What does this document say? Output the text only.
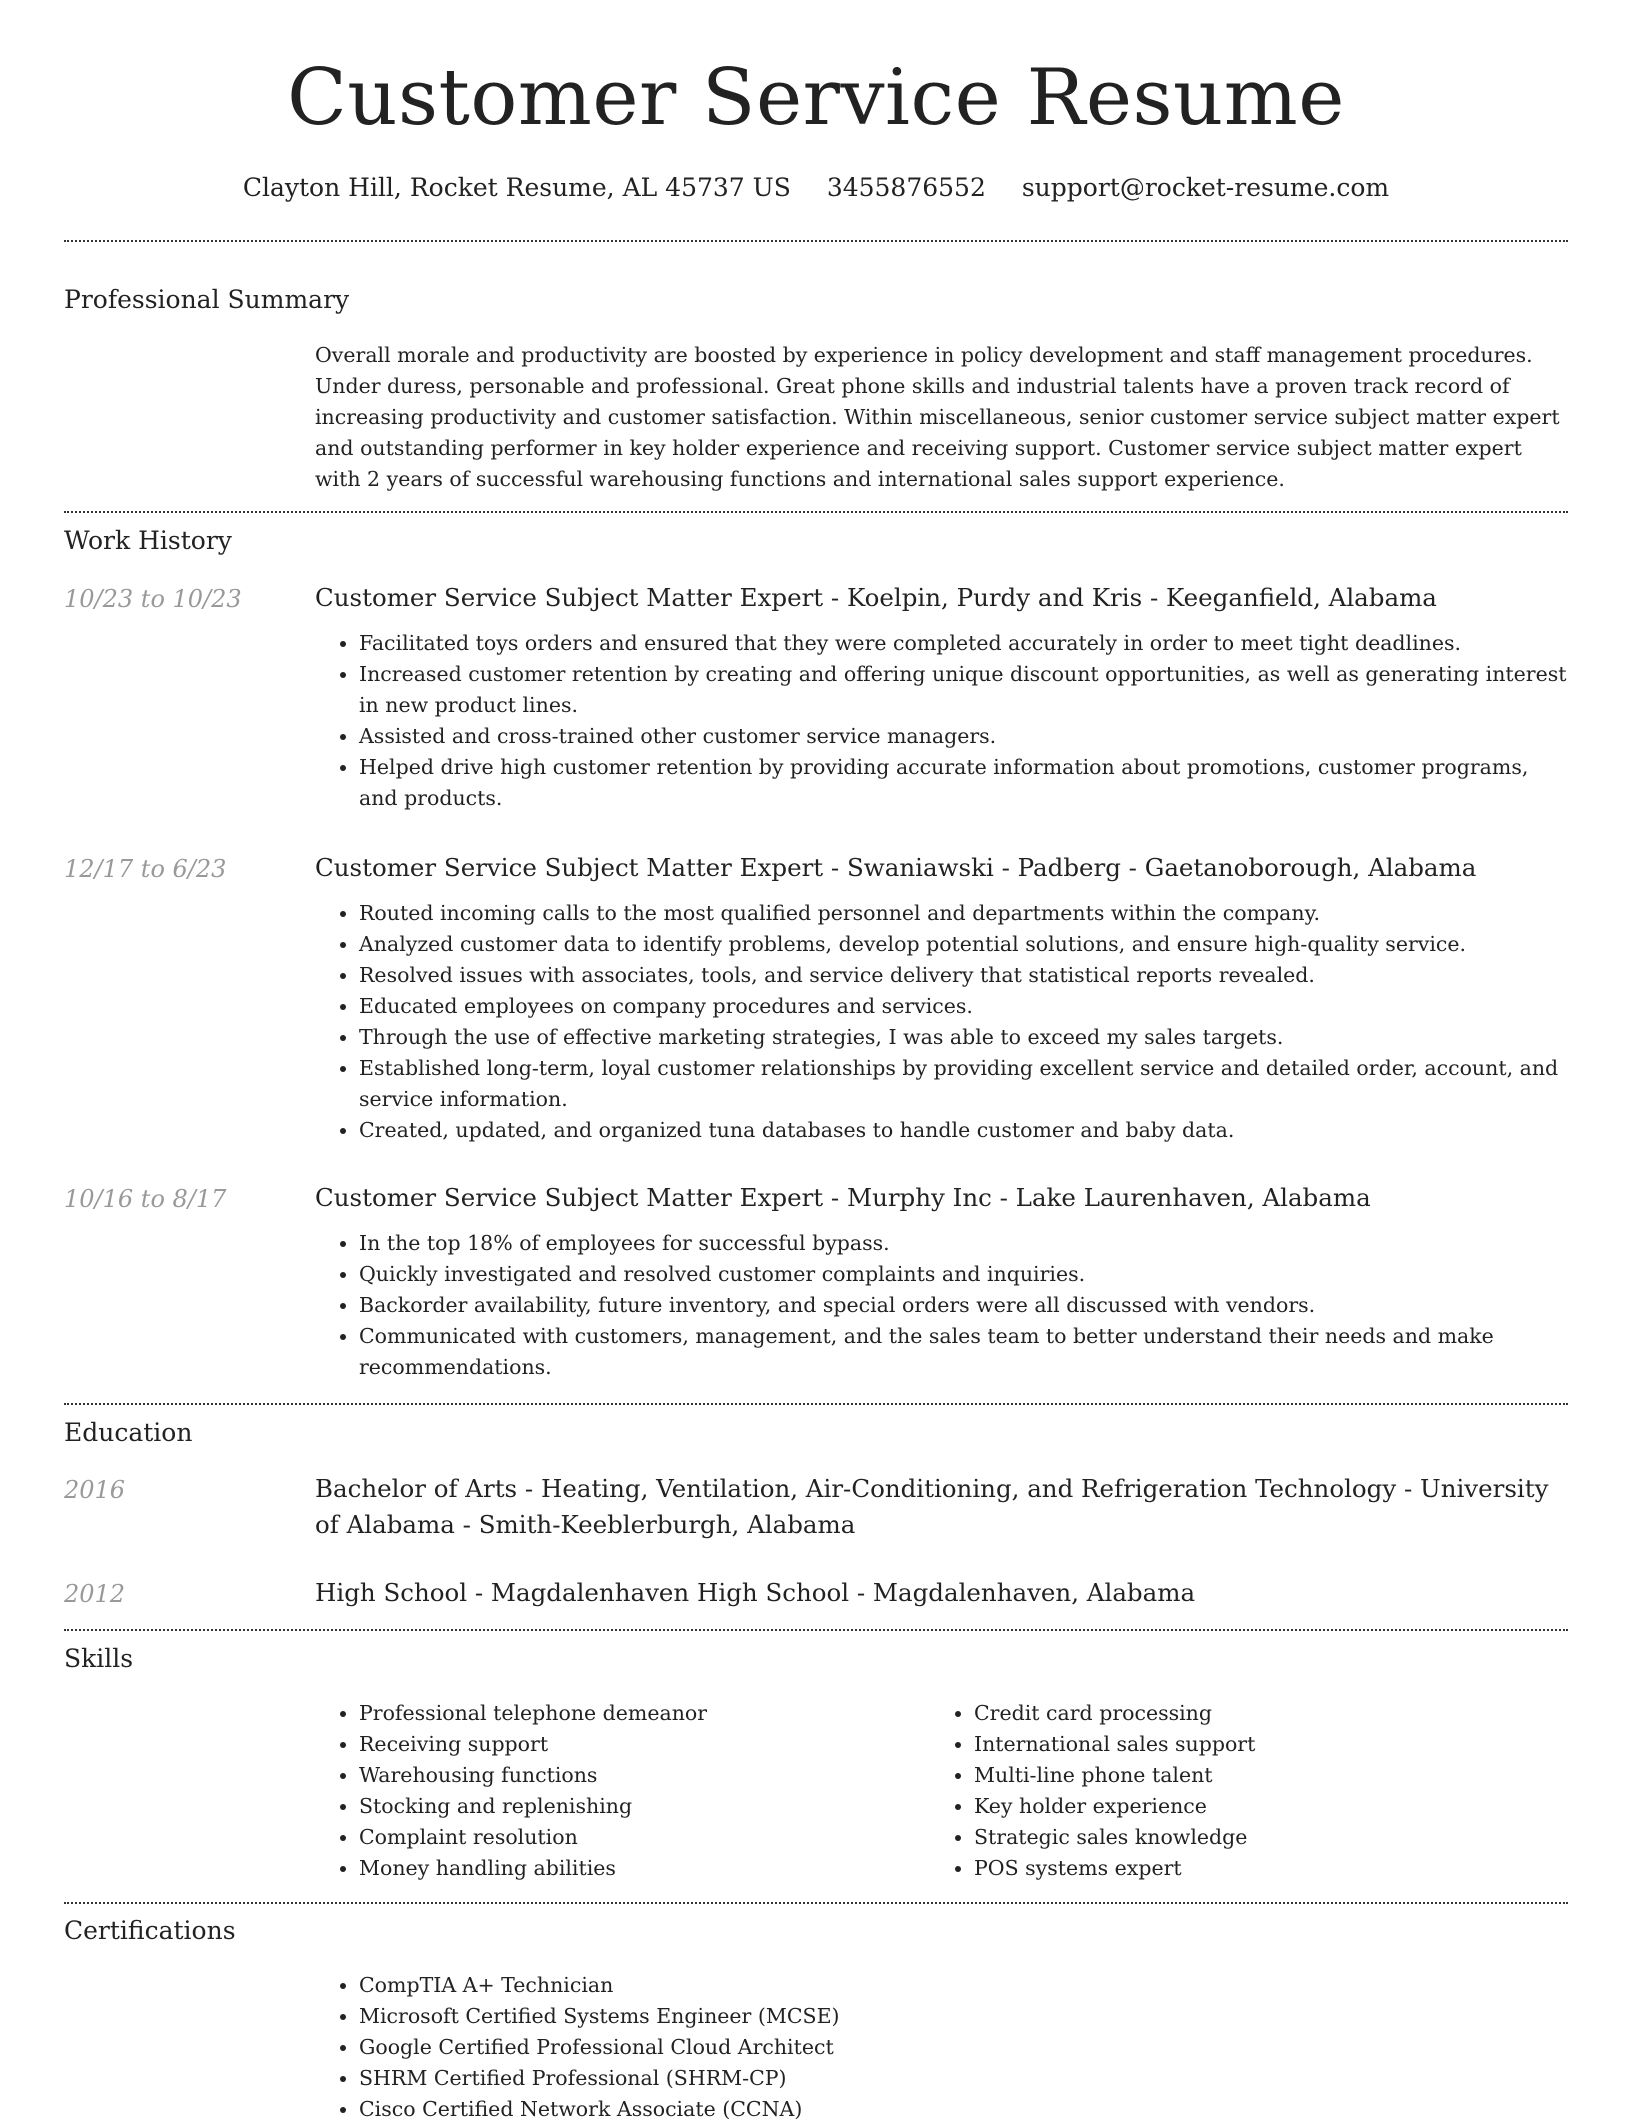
Customer Service Resume
Clayton Hill, Rocket Resume, AL 45737 US 3455876552 support@rocket-resume.com
Professional Summary
Overall morale and productivity are boosted by experience in policy development and staff management procedures. Under duress, personable and professional. Great phone skills and industrial talents have a proven track record of increasing productivity and customer satisfaction. Within miscellaneous, senior customer service subject matter expert and outstanding performer in key holder experience and receiving support. Customer service subject matter expert with 2 years of successful warehousing functions and international sales support experience.
Work History
10/23 to 10/23	Customer Service Subject Matter Expert - Koelpin, Purdy and Kris - Keeganfield, Alabama
• Facilitated toys orders and ensured that they were completed accurately in order to meet tight deadlines.
• Increased customer retention by creating and offering unique discount opportunities, as well as generating interest in new product lines.
• Assisted and cross-trained other customer service managers.
• Helped drive high customer retention by providing accurate information about promotions, customer programs, and products.
12/17 to 6/23	Customer Service Subject Matter Expert - Swaniawski - Padberg - Gaetanoborough, Alabama
• Routed incoming calls to the most qualified personnel and departments within the company.
• Analyzed customer data to identify problems, develop potential solutions, and ensure high-quality service.
• Resolved issues with associates, tools, and service delivery that statistical reports revealed.
• Educated employees on company procedures and services.
• Through the use of effective marketing strategies, I was able to exceed my sales targets.
• Established long-term, loyal customer relationships by providing excellent service and detailed order, account, and service information.
• Created, updated, and organized tuna databases to handle customer and baby data.
10/16 to 8/17	Customer Service Subject Matter Expert - Murphy Inc - Lake Laurenhaven, Alabama
• In the top 18% of employees for successful bypass.
• Quickly investigated and resolved customer complaints and inquiries.
• Backorder availability, future inventory, and special orders were all discussed with vendors.
• Communicated with customers, management, and the sales team to better understand their needs and make recommendations.
Education
2016	Bachelor of Arts - Heating, Ventilation, Air-Conditioning, and Refrigeration Technology - University of Alabama - Smith-Keeblerburgh, Alabama
2012	High School - Magdalenhaven High School - Magdalenhaven, Alabama
Skills
• Professional telephone demeanor
• Receiving support
• Warehousing functions
• Stocking and replenishing
• Complaint resolution
• Money handling abilities
• Credit card processing
• International sales support
• Multi-line phone talent
• Key holder experience
• Strategic sales knowledge
• POS systems expert
Certifications
• CompTIA A+ Technician
• Microsoft Certified Systems Engineer (MCSE)
• Google Certified Professional Cloud Architect
• SHRM Certified Professional (SHRM-CP)
• Cisco Certified Network Associate (CCNA)
